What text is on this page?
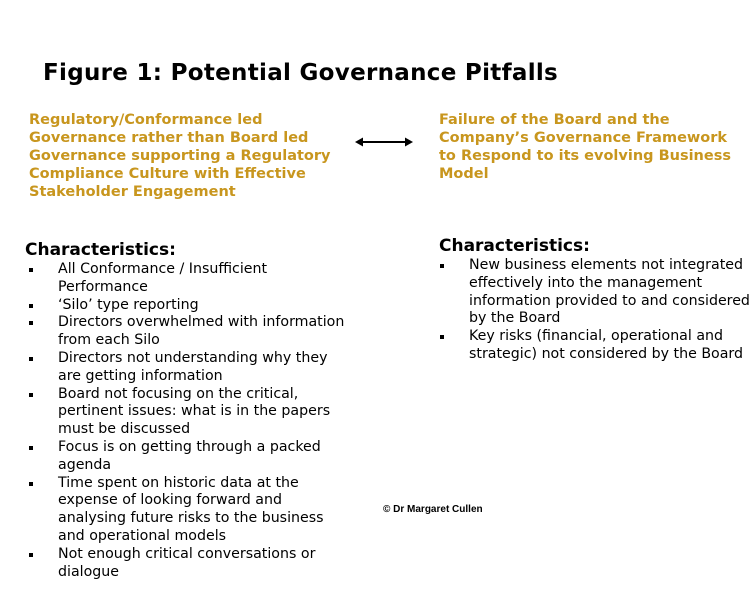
Figure 1: Potential Governance Pitfalls
Regulatory/Conformance led Governance rather than Board led Governance supporting a Regulatory Compliance Culture with Effective Stakeholder Engagement
Failure of the Board and the Company’s Governance Framework to Respond to its evolving Business Model
Characteristics:
All Conformance / Insufficient Performance
‘Silo’ type reporting
Directors overwhelmed with information from each Silo
Directors not understanding why they are getting information
Board not focusing on the critical, pertinent issues: what is in the papers must be discussed
Focus is on getting through a packed agenda
Time spent on historic data at the expense of looking forward and analysing future risks to the business and operational models
Not enough critical conversations or dialogue
Characteristics:
New business elements not integrated effectively into the management information provided to and considered by the Board
Key risks (financial, operational and strategic) not considered by the Board
© Dr Margaret Cullen
